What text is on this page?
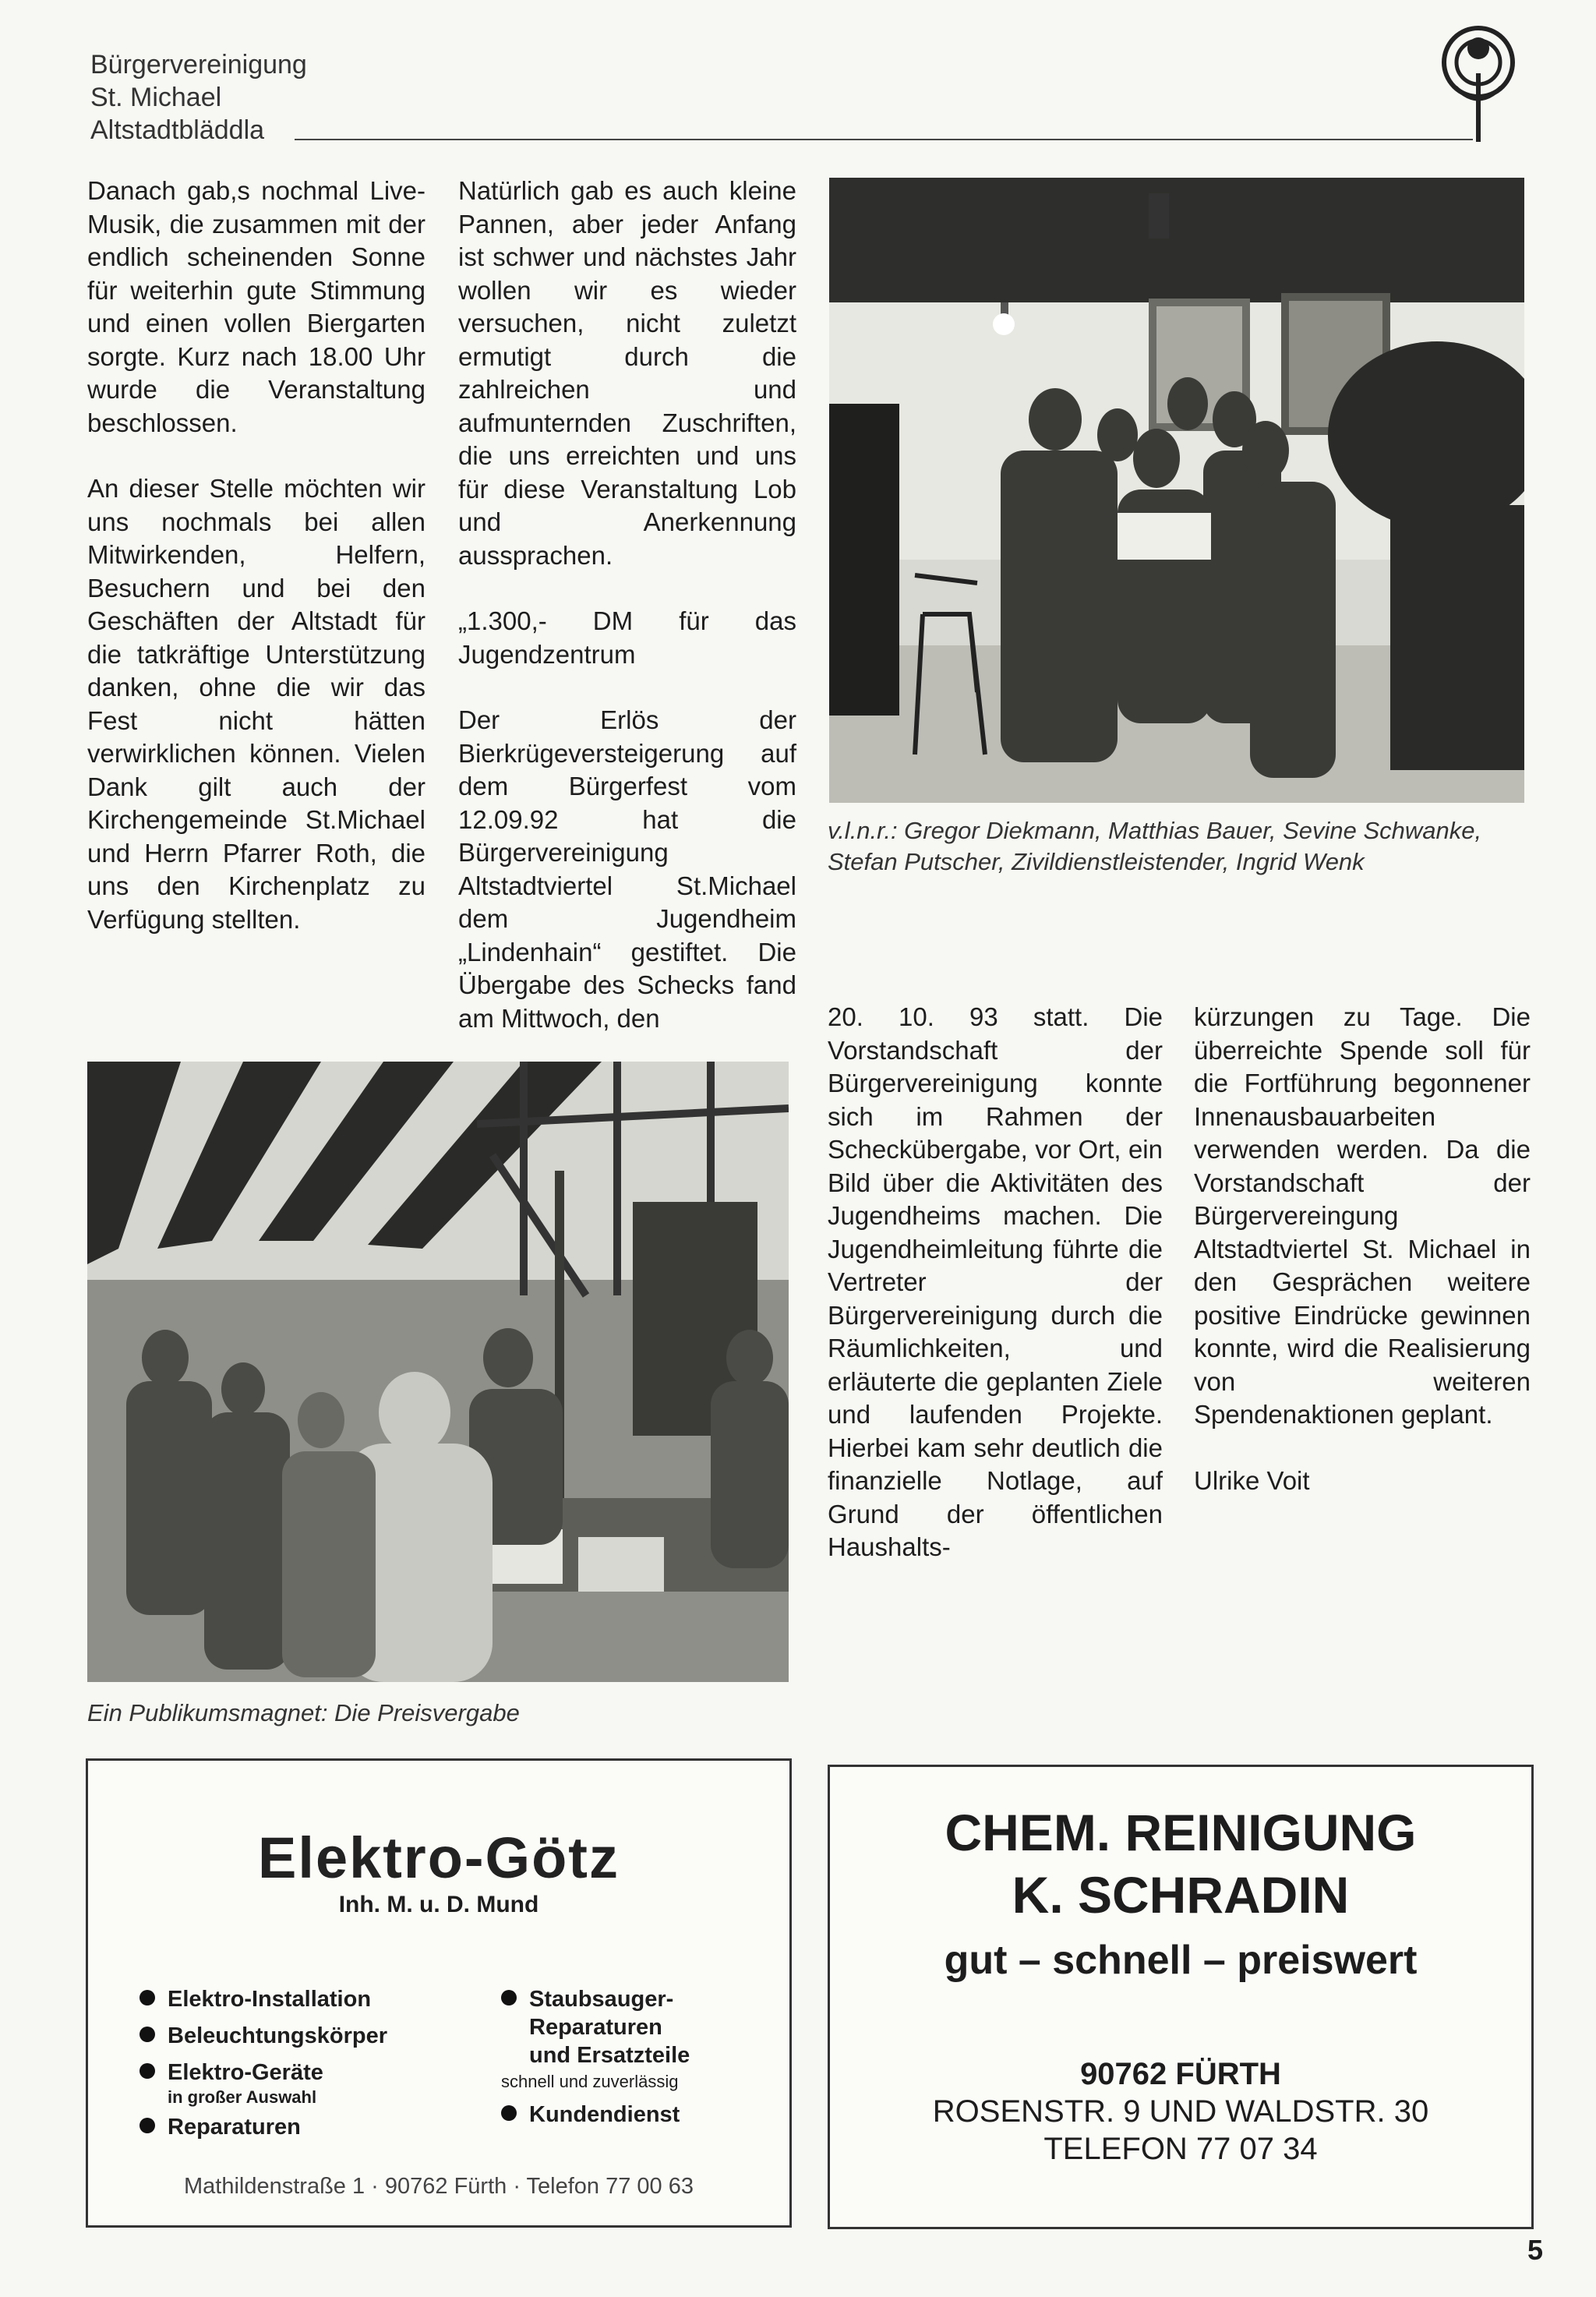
Bürgervereinigung
St. Michael
Altstadtbläddla

Danach gab,s nochmal Live-Musik, die zusammen mit der endlich scheinenden Sonne für weiterhin gute Stimmung und einen vollen Biergarten sorgte. Kurz nach 18.00 Uhr wurde die Veranstaltung beschlossen.

An dieser Stelle möchten wir uns nochmals bei allen Mitwirkenden, Helfern, Besuchern und bei den Geschäften der Altstadt für die tatkräftige Unterstützung danken, ohne die wir das Fest nicht hätten verwirklichen können. Vielen Dank gilt auch der Kirchengemeinde St.Michael und Herrn Pfarrer Roth, die uns den Kirchenplatz zu Verfügung stellten.

Natürlich gab es auch kleine Pannen, aber jeder Anfang ist schwer und nächstes Jahr wollen wir es wieder versuchen, nicht zuletzt ermutigt durch die zahlreichen und aufmunternden Zuschriften, die uns erreichten und uns für diese Veranstaltung Lob und Anerkennung aussprachen.

„1.300,- DM für das Jugendzentrum

Der Erlös der Bierkrügeversteigerung auf dem Bürgerfest vom 12.09.92 hat die Bürgervereinigung Altstadtviertel St.Michael dem Jugendheim „Lindenhain“ gestiftet. Die Übergabe des Schecks fand am Mittwoch, den

v.l.n.r.: Gregor Diekmann, Matthias Bauer, Sevine Schwanke, Stefan Putscher, Zivildienstleistender, Ingrid Wenk
Ein Publikumsmagnet: Die Preisvergabe

20. 10. 93 statt. Die Vorstandschaft der Bürgervereinigung konnte sich im Rahmen der Scheckübergabe, vor Ort, ein Bild über die Aktivitäten des Jugendheims machen. Die Jugendheimleitung führte die Vertreter der Bürgervereinigung durch die Räumlichkeiten, und erläuterte die geplanten Ziele und laufenden Projekte. Hierbei kam sehr deutlich die finanzielle Notlage, auf Grund der öffentlichen Haushalts-

kürzungen zu Tage. Die überreichte Spende soll für die Fortführung begonnener Innenausbauarbeiten verwenden werden. Da die Vorstandschaft der Bürgervereingung Altstadtviertel St. Michael in den Gesprächen weitere positive Eindrücke gewinnen konnte, wird die Realisierung von weiteren Spendenaktionen geplant.

Ulrike Voit

Elektro-Götz
Inh. M. u. D. Mund
Elektro-Installation
Beleuchtungskörper
Elektro-Geräte
in großer Auswahl
Reparaturen
Staubsauger-
Reparaturen
und Ersatzteile
schnell und zuverlässig
Kundendienst
Mathildenstraße 1 · 90762 Fürth · Telefon 77 00 63
CHEM. REINIGUNG
K. SCHRADIN
gut – schnell – preiswert
90762 FÜRTH
ROSENSTR. 9 UND WALDSTR. 30
TELEFON 77 07 34
5
